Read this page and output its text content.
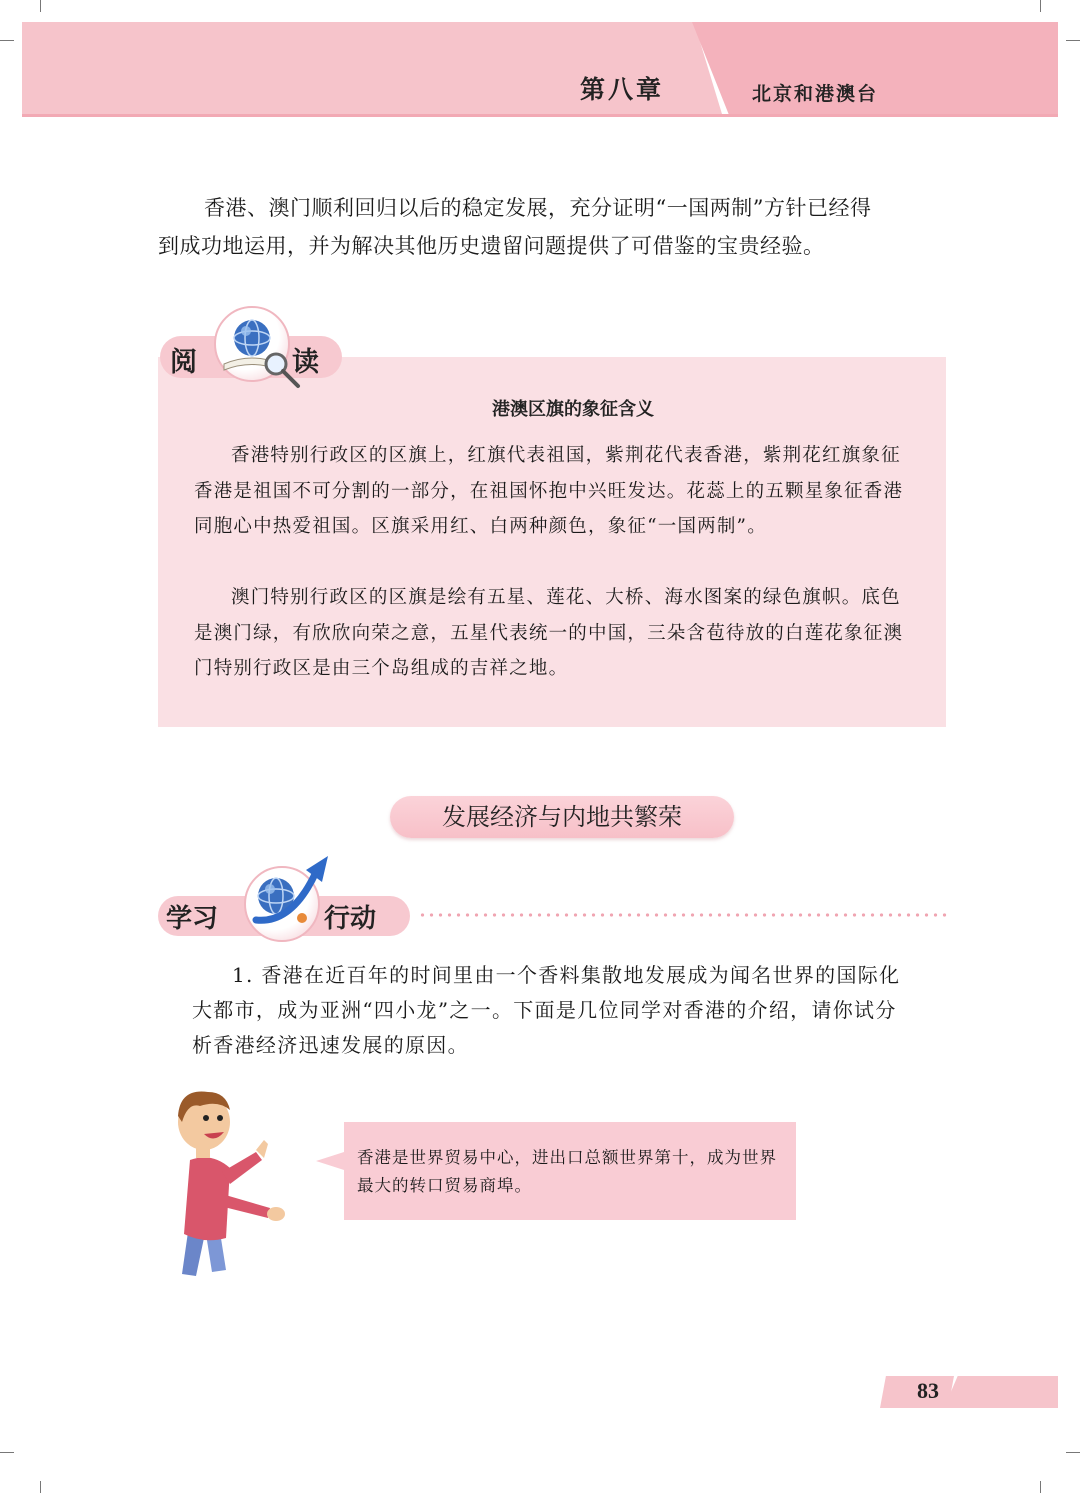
第八章	北京和港澳台
香港、澳门顺利回归以后的稳定发展，充分证明“一国两制”方针已经得
到成功地运用，并为解决其他历史遗留问题提供了可借鉴的宝贵经验。
阅	读
港澳区旗的象征含义
香港特别行政区的区旗上，红旗代表祖国，紫荆花代表香港，紫荆花红旗象征香港是祖国不可分割的一部分，在祖国怀抱中兴旺发达。花蕊上的五颗星象征香港同胞心中热爱祖国。区旗采用红、白两种颜色，象征“一国两制”。
澳门特别行政区的区旗是绘有五星、莲花、大桥、海水图案的绿色旗帜。底色是澳门绿，有欣欣向荣之意，五星代表统一的中国，三朵含苞待放的白莲花象征澳门特别行政区是由三个岛组成的吉祥之地。
发展经济与内地共繁荣
学习	行动
1. 香港在近百年的时间里由一个香料集散地发展成为闻名世界的国际化大都市，成为亚洲“四小龙”之一。下面是几位同学对香港的介绍，请你试分析香港经济迅速发展的原因。
香港是世界贸易中心，进出口总额世界第十，成为世界最大的转口贸易商埠。
83
